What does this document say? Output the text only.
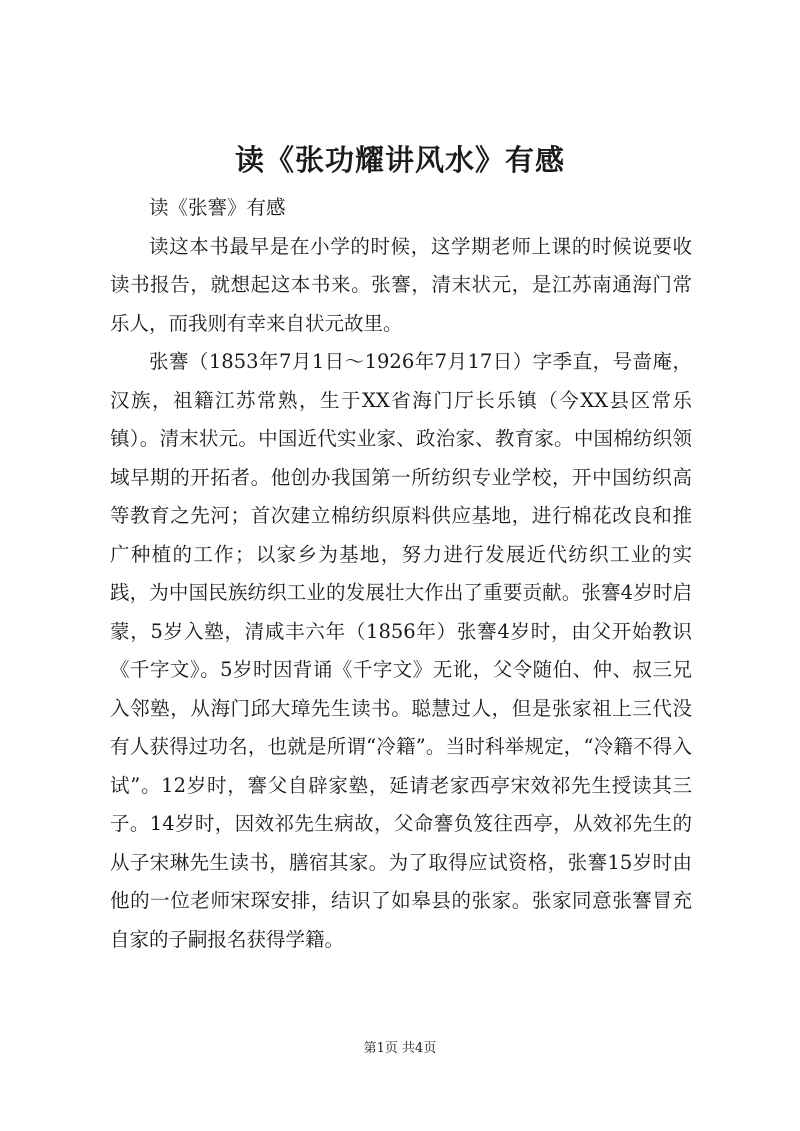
读《张功耀讲风水》有感

读《张謇》有感

读这本书最早是在小学的时候，这学期老师上课的时候说要收读书报告，就想起这本书来。张謇，清末状元，是江苏南通海门常乐人，而我则有幸来自状元故里。

张謇（1853年7月1日～1926年7月17日）字季直，号啬庵，汉族，祖籍江苏常熟，生于XX省海门厅长乐镇（今XX县区常乐镇）。清末状元。中国近代实业家、政治家、教育家。中国棉纺织领域早期的开拓者。他创办我国第一所纺织专业学校，开中国纺织高等教育之先河；首次建立棉纺织原料供应基地，进行棉花改良和推广种植的工作；以家乡为基地，努力进行发展近代纺织工业的实践，为中国民族纺织工业的发展壮大作出了重要贡献。张謇4岁时启蒙，5岁入塾，清咸丰六年（1856年）张謇4岁时，由父开始教识《千字文》。5岁时因背诵《千字文》无讹，父令随伯、仲、叔三兄入邻塾，从海门邱大璋先生读书。聪慧过人，但是张家祖上三代没有人获得过功名，也就是所谓“冷籍”。当时科举规定，“冷籍不得入试”。12岁时，謇父自辟家塾，延请老家西亭宋效祁先生授读其三子。14岁时，因效祁先生病故，父命謇负笈往西亭，从效祁先生的从子宋琳先生读书，膳宿其家。为了取得应试资格，张謇15岁时由他的一位老师宋琛安排，结识了如皋县的张家。张家同意张謇冒充自家的子嗣报名获得学籍。

第1页 共4页
